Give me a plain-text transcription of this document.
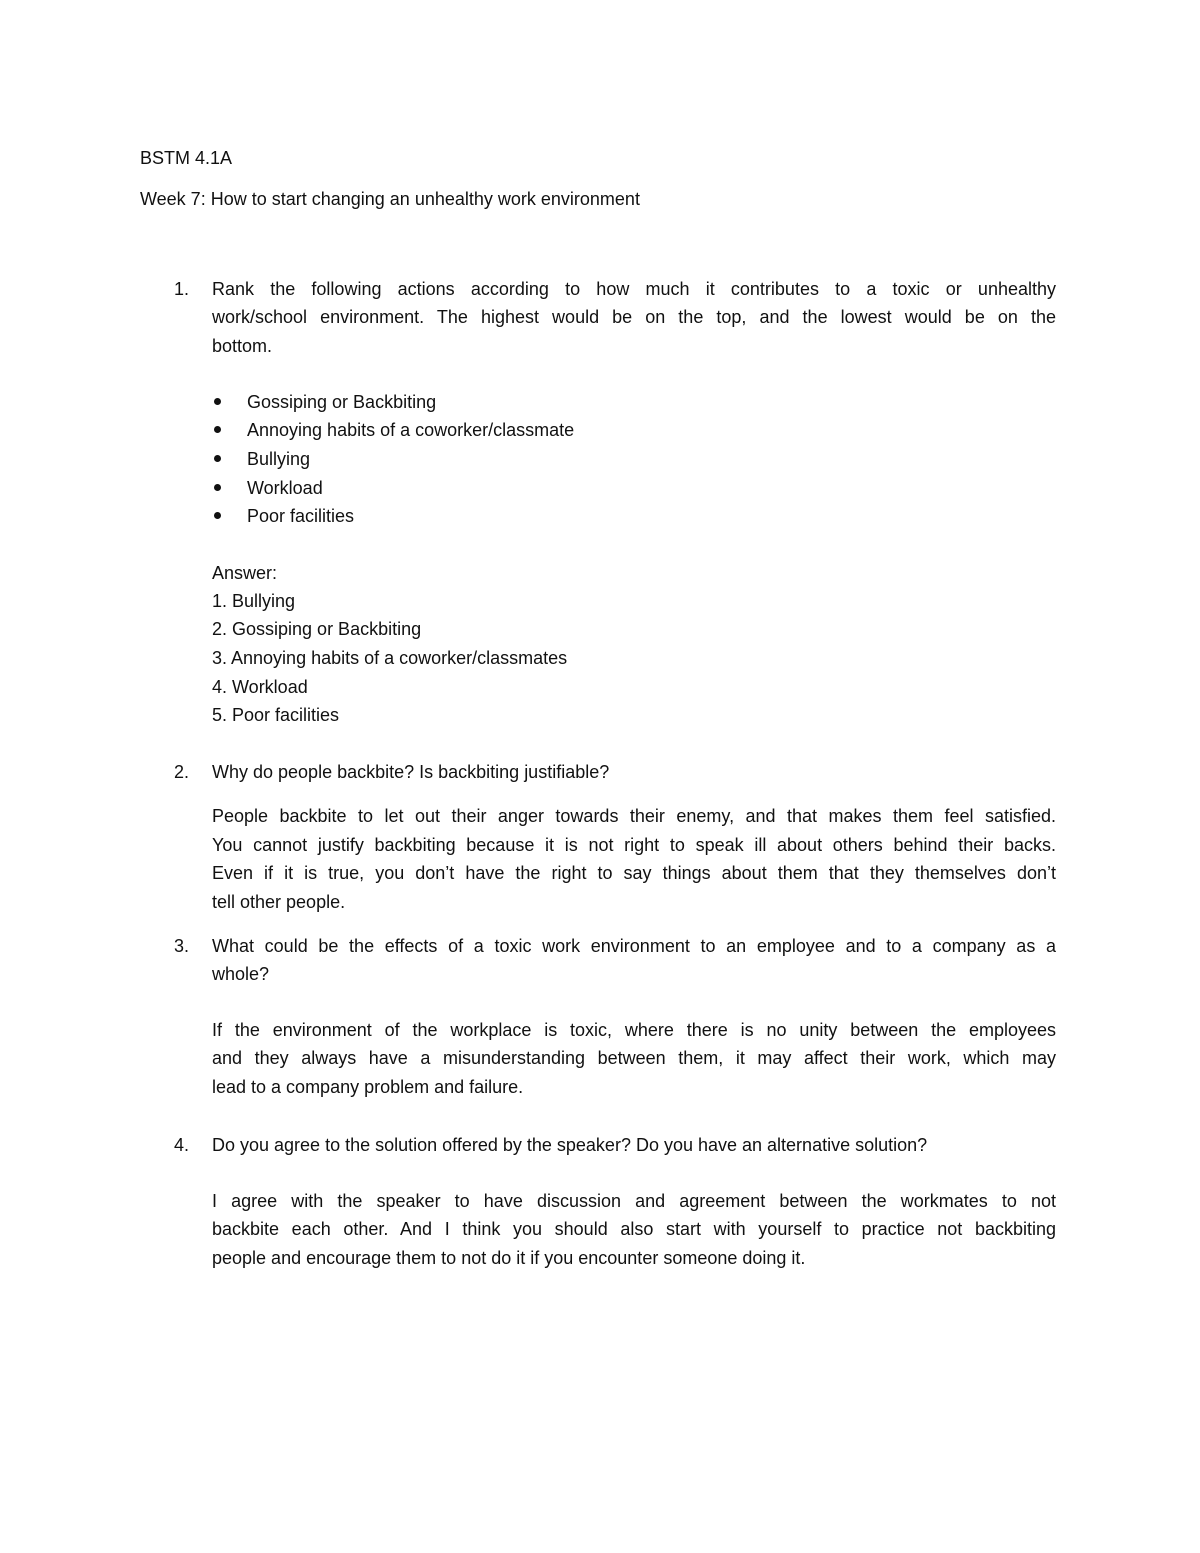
BSTM 4.1A
Week 7: How to start changing an unhealthy work environment
1. Rank the following actions according to how much it contributes to a toxic or unhealthy
work/school environment. The highest would be on the top, and the lowest would be on the
bottom.
Gossiping or Backbiting
Annoying habits of a coworker/classmate
Bullying
Workload
Poor facilities
Answer:
1. Bullying
2. Gossiping or Backbiting
3. Annoying habits of a coworker/classmates
4. Workload
5. Poor facilities
2. Why do people backbite? Is backbiting justifiable?
People backbite to let out their anger towards their enemy, and that makes them feel satisfied.
You cannot justify backbiting because it is not right to speak ill about others behind their backs.
Even if it is true, you don’t have the right to say things about them that they themselves don’t
tell other people.
3. What could be the effects of a toxic work environment to an employee and to a company as a
whole?
If the environment of the workplace is toxic, where there is no unity between the employees
and they always have a misunderstanding between them, it may affect their work, which may
lead to a company problem and failure.
4. Do you agree to the solution offered by the speaker? Do you have an alternative solution?
I agree with the speaker to have discussion and agreement between the workmates to not
backbite each other. And I think you should also start with yourself to practice not backbiting
people and encourage them to not do it if you encounter someone doing it.
